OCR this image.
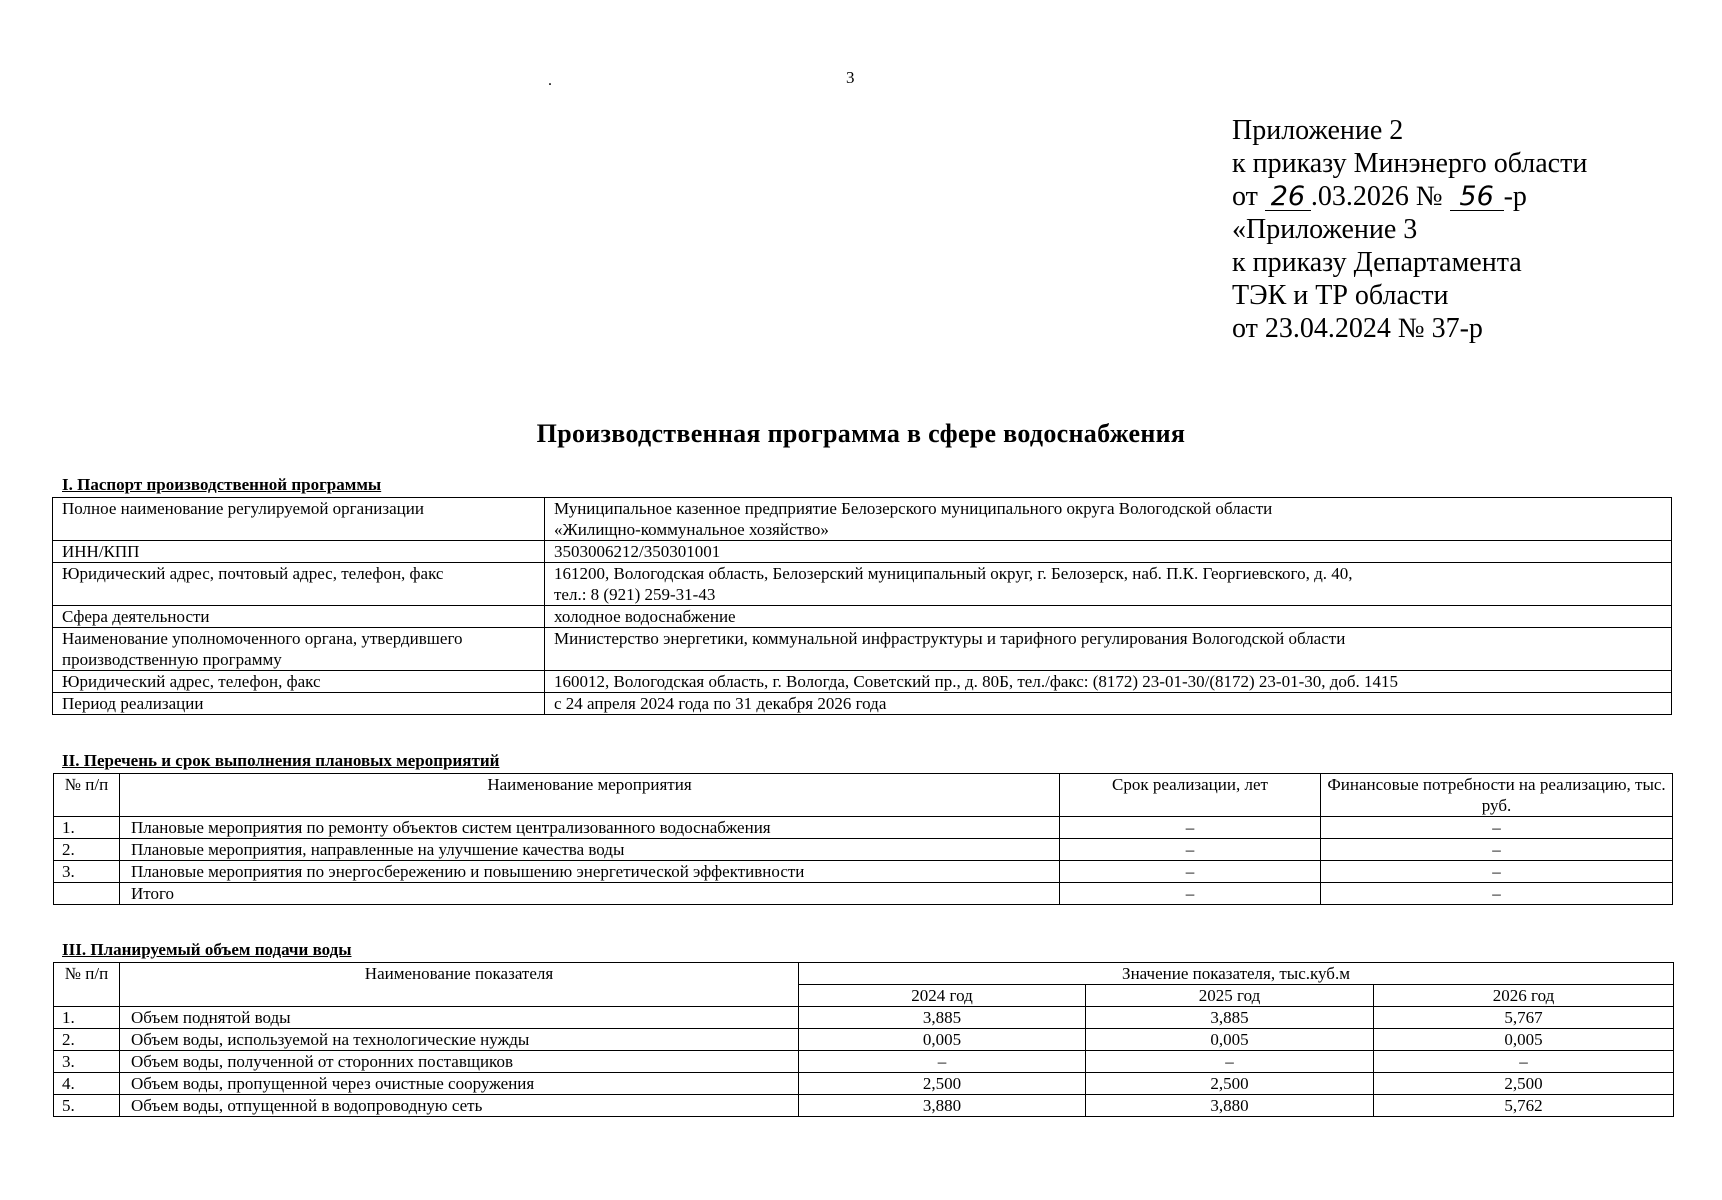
.	3
Приложение 2
к приказу Минэнерго области
от 26 .03.2026 № 56 -р
«Приложение 3
к приказу Департамента
ТЭК и ТР области
от 23.04.2024 № 37-р
Производственная программа в сфере водоснабжения
I. Паспорт производственной программы
Полное наименование регулируемой организации	Муниципальное казенное предприятие Белозерского муниципального округа Вологодской области
«Жилищно-коммунальное хозяйство»

ИНН/КПП	3503006212/350301001
Юридический адрес, почтовый адрес, телефон, факс	161200, Вологодская область, Белозерский муниципальный округ, г. Белозерск, наб. П.К. Георгиевского, д. 40,
тел.: 8 (921) 259-31-43

Сфера деятельности	холодное водоснабжение
Наименование уполномоченного органа, утвердившего производственную программу	Министерство энергетики, коммунальной инфраструктуры и тарифного регулирования Вологодской области
Юридический адрес, телефон, факс	160012, Вологодская область, г. Вологда, Советский пр., д. 80Б, тел./факс: (8172) 23-01-30/(8172) 23-01-30, доб. 1415
Период реализации	с 24 апреля 2024 года по 31 декабря 2026 года
II. Перечень и срок выполнения плановых мероприятий
№ п/п	Наименование мероприятия	Срок реализации, лет	Финансовые потребности на реализацию, тыс. руб.
1.	Плановые мероприятия по ремонту объектов систем централизованного водоснабжения	–	–
2.	Плановые мероприятия, направленные на улучшение качества воды	–	–
3.	Плановые мероприятия по энергосбережению и повышению энергетической эффективности	–	–
	Итого	–	–
III. Планируемый объем подачи воды
№ п/п	Наименование показателя	Значение показателя, тыс.куб.м		
		2024 год	2025 год	2026 год
1.	Объем поднятой воды	3,885	3,885	5,767
2.	Объем воды, используемой на технологические нужды	0,005	0,005	0,005
3.	Объем воды, полученной от сторонних поставщиков	–	–	–
4.	Объем воды, пропущенной через очистные сооружения	2,500	2,500	2,500
5.	Объем воды, отпущенной в водопроводную сеть	3,880	3,880	5,762
